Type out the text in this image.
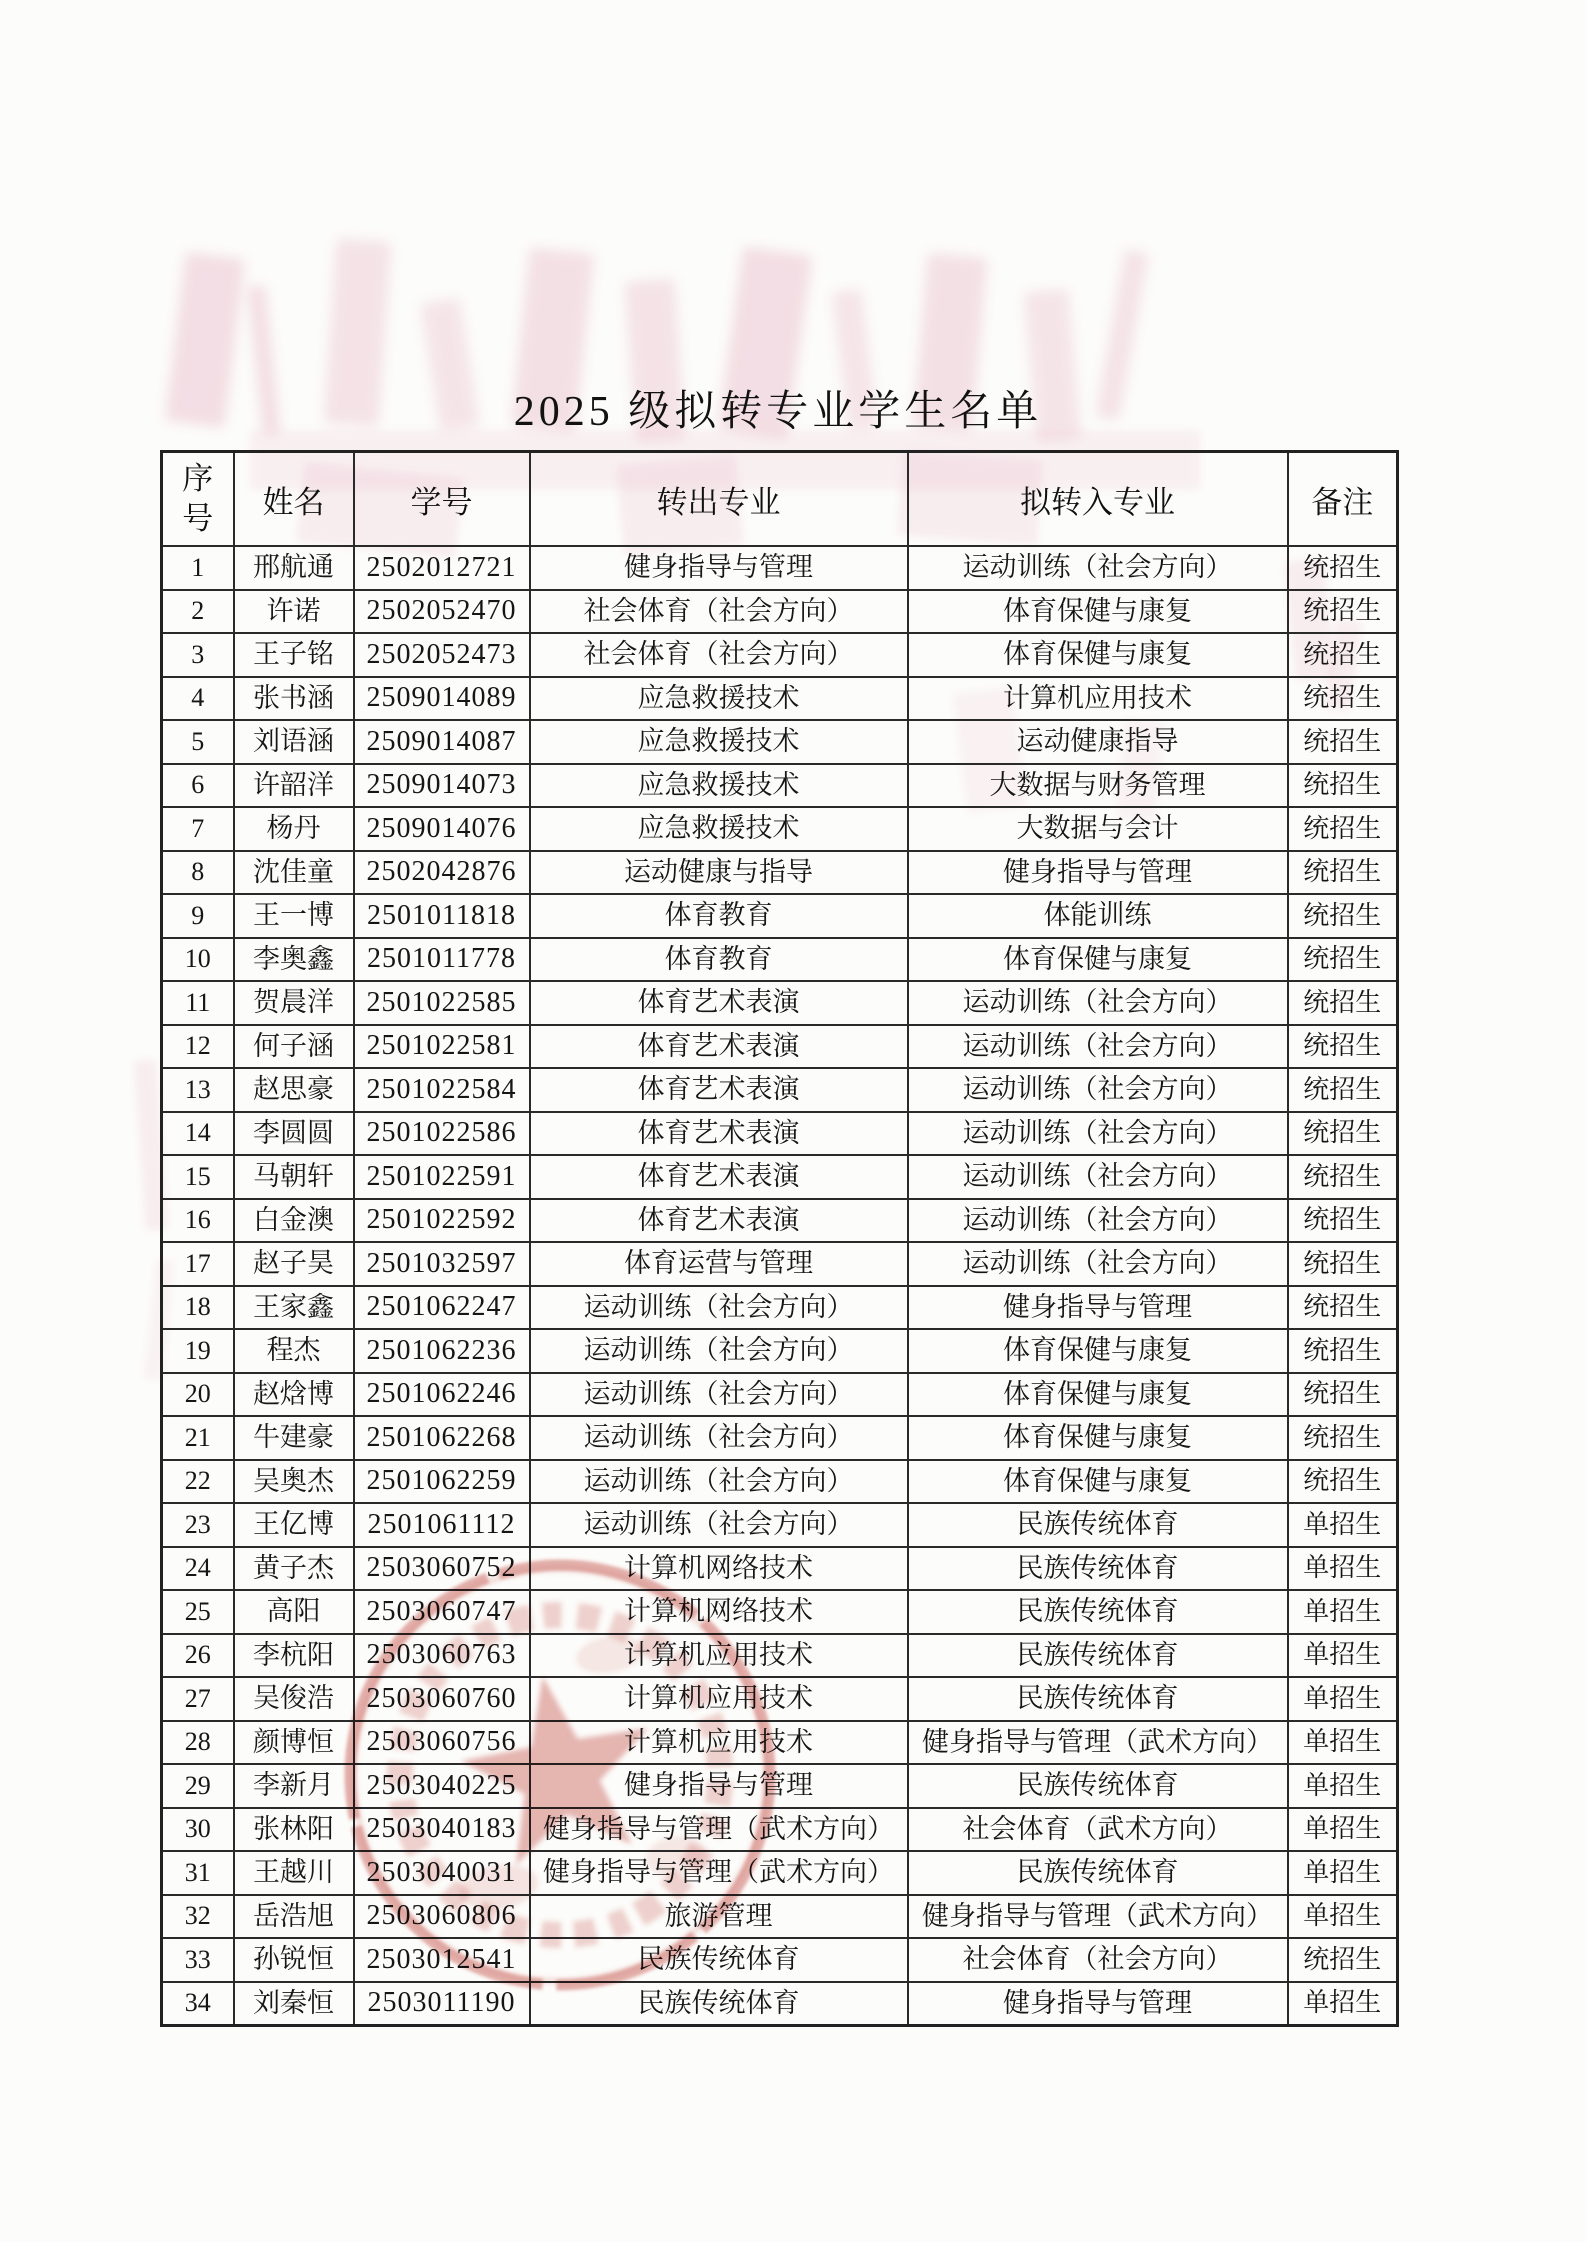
2025 级拟转专业学生名单
序号	姓名	学号	转出专业	拟转入专业	备注
1	邢航通	2502012721	健身指导与管理	运动训练（社会方向）	统招生
2	许诺	2502052470	社会体育（社会方向）	体育保健与康复	统招生
3	王子铭	2502052473	社会体育（社会方向）	体育保健与康复	统招生
4	张书涵	2509014089	应急救援技术	计算机应用技术	统招生
5	刘语涵	2509014087	应急救援技术	运动健康指导	统招生
6	许韶洋	2509014073	应急救援技术	大数据与财务管理	统招生
7	杨丹	2509014076	应急救援技术	大数据与会计	统招生
8	沈佳童	2502042876	运动健康与指导	健身指导与管理	统招生
9	王一博	2501011818	体育教育	体能训练	统招生
10	李奥鑫	2501011778	体育教育	体育保健与康复	统招生
11	贺晨洋	2501022585	体育艺术表演	运动训练（社会方向）	统招生
12	何子涵	2501022581	体育艺术表演	运动训练（社会方向）	统招生
13	赵思豪	2501022584	体育艺术表演	运动训练（社会方向）	统招生
14	李圆圆	2501022586	体育艺术表演	运动训练（社会方向）	统招生
15	马朝轩	2501022591	体育艺术表演	运动训练（社会方向）	统招生
16	白金澳	2501022592	体育艺术表演	运动训练（社会方向）	统招生
17	赵子昊	2501032597	体育运营与管理	运动训练（社会方向）	统招生
18	王家鑫	2501062247	运动训练（社会方向）	健身指导与管理	统招生
19	程杰	2501062236	运动训练（社会方向）	体育保健与康复	统招生
20	赵焓博	2501062246	运动训练（社会方向）	体育保健与康复	统招生
21	牛建豪	2501062268	运动训练（社会方向）	体育保健与康复	统招生
22	吴奥杰	2501062259	运动训练（社会方向）	体育保健与康复	统招生
23	王亿博	2501061112	运动训练（社会方向）	民族传统体育	单招生
24	黄子杰	2503060752	计算机网络技术	民族传统体育	单招生
25	高阳	2503060747	计算机网络技术	民族传统体育	单招生
26	李杭阳	2503060763	计算机应用技术	民族传统体育	单招生
27	吴俊浩	2503060760	计算机应用技术	民族传统体育	单招生
28	颜博恒	2503060756	计算机应用技术	健身指导与管理（武术方向）	单招生
29	李新月	2503040225	健身指导与管理	民族传统体育	单招生
30	张林阳	2503040183	健身指导与管理（武术方向）	社会体育（武术方向）	单招生
31	王越川	2503040031	健身指导与管理（武术方向）	民族传统体育	单招生
32	岳浩旭	2503060806	旅游管理	健身指导与管理（武术方向）	单招生
33	孙锐恒	2503012541	民族传统体育	社会体育（社会方向）	统招生
34	刘秦恒	2503011190	民族传统体育	健身指导与管理	单招生
